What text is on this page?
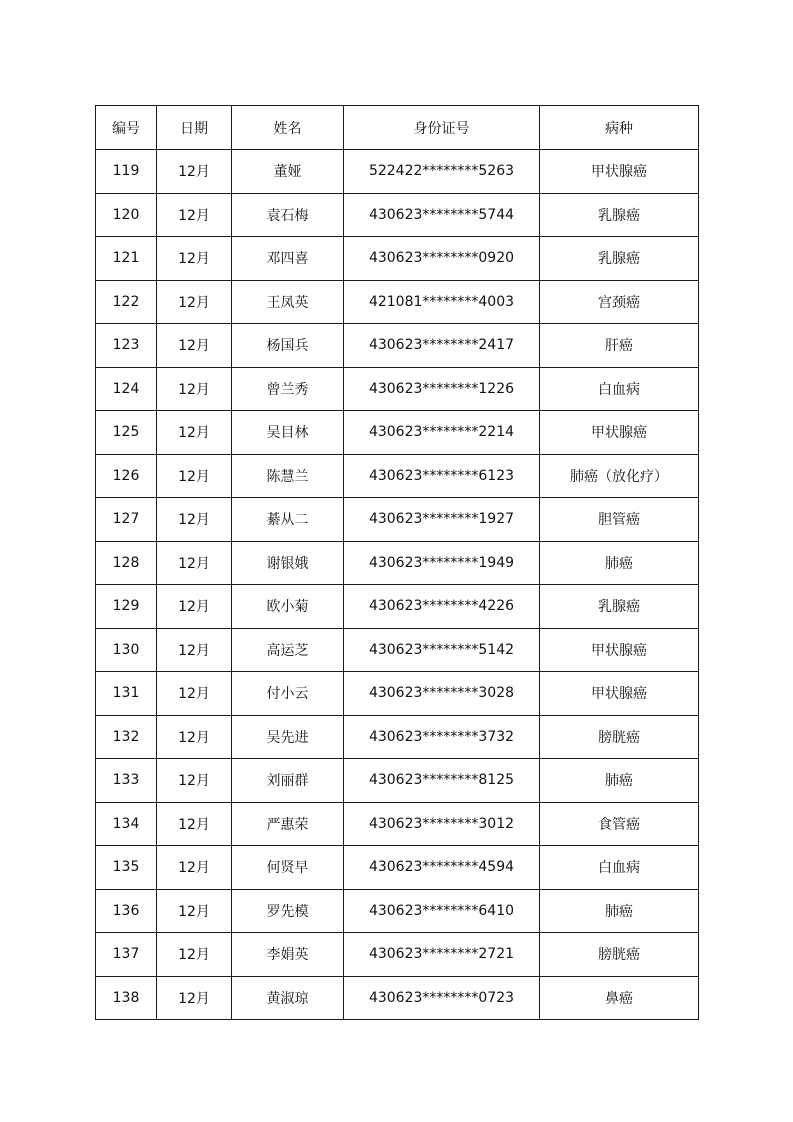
编号	日期	姓名	身份证号	病种
119	12月	董娅	522422********5263	甲状腺癌
120	12月	袁石梅	430623********5744	乳腺癌
121	12月	邓四喜	430623********0920	乳腺癌
122	12月	王凤英	421081********4003	宫颈癌
123	12月	杨国兵	430623********2417	肝癌
124	12月	曾兰秀	430623********1226	白血病
125	12月	吴目林	430623********2214	甲状腺癌
126	12月	陈慧兰	430623********6123	肺癌（放化疗）
127	12月	綦从二	430623********1927	胆管癌
128	12月	谢银娥	430623********1949	肺癌
129	12月	欧小菊	430623********4226	乳腺癌
130	12月	高运芝	430623********5142	甲状腺癌
131	12月	付小云	430623********3028	甲状腺癌
132	12月	吴先进	430623********3732	膀胱癌
133	12月	刘丽群	430623********8125	肺癌
134	12月	严惠荣	430623********3012	食管癌
135	12月	何贤早	430623********4594	白血病
136	12月	罗先模	430623********6410	肺癌
137	12月	李娟英	430623********2721	膀胱癌
138	12月	黄淑琼	430623********0723	鼻癌
